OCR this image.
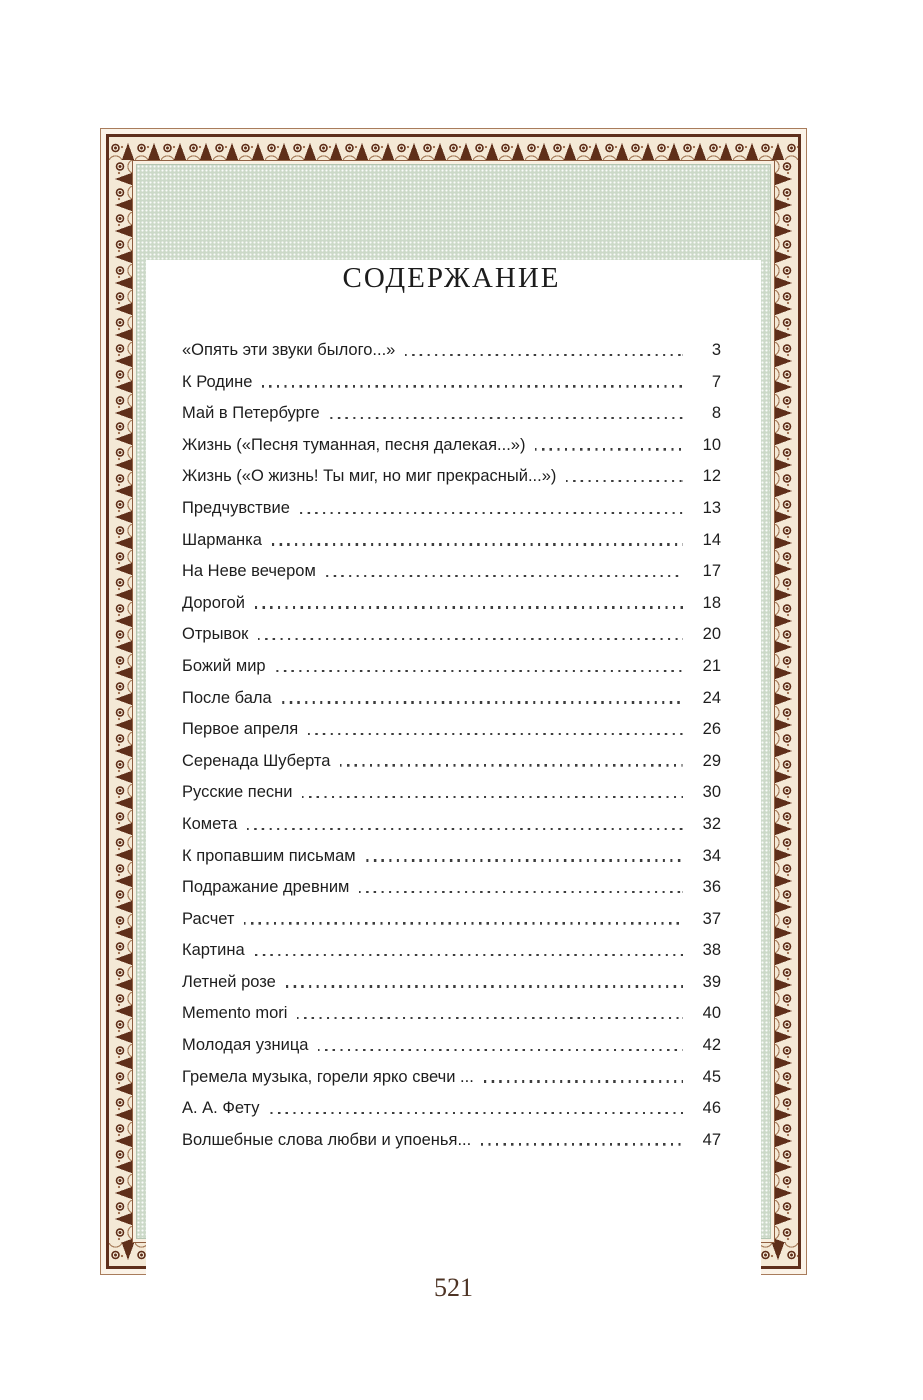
СОДЕРЖАНИЕ
«Опять эти звуки былого...»	3
К Родине	7
Май в Петербурге	8
Жизнь («Песня туманная, песня далекая...»)	10
Жизнь («О жизнь! Ты миг, но миг прекрасный...»)	12
Предчувствие	13
Шарманка	14
На Неве вечером	17
Дорогой	18
Отрывок	20
Божий мир	21
После бала	24
Первое апреля	26
Серенада Шуберта	29
Русские песни	30
Комета	32
К пропавшим письмам	34
Подражание древним	36
Расчет	37
Картина	38
Летней розе	39
Memento mori	40
Молодая узница	42
Гремела музыка, горели ярко свечи ...	45
А. А. Фету	46
Волшебные слова любви и упоенья...	47
521
